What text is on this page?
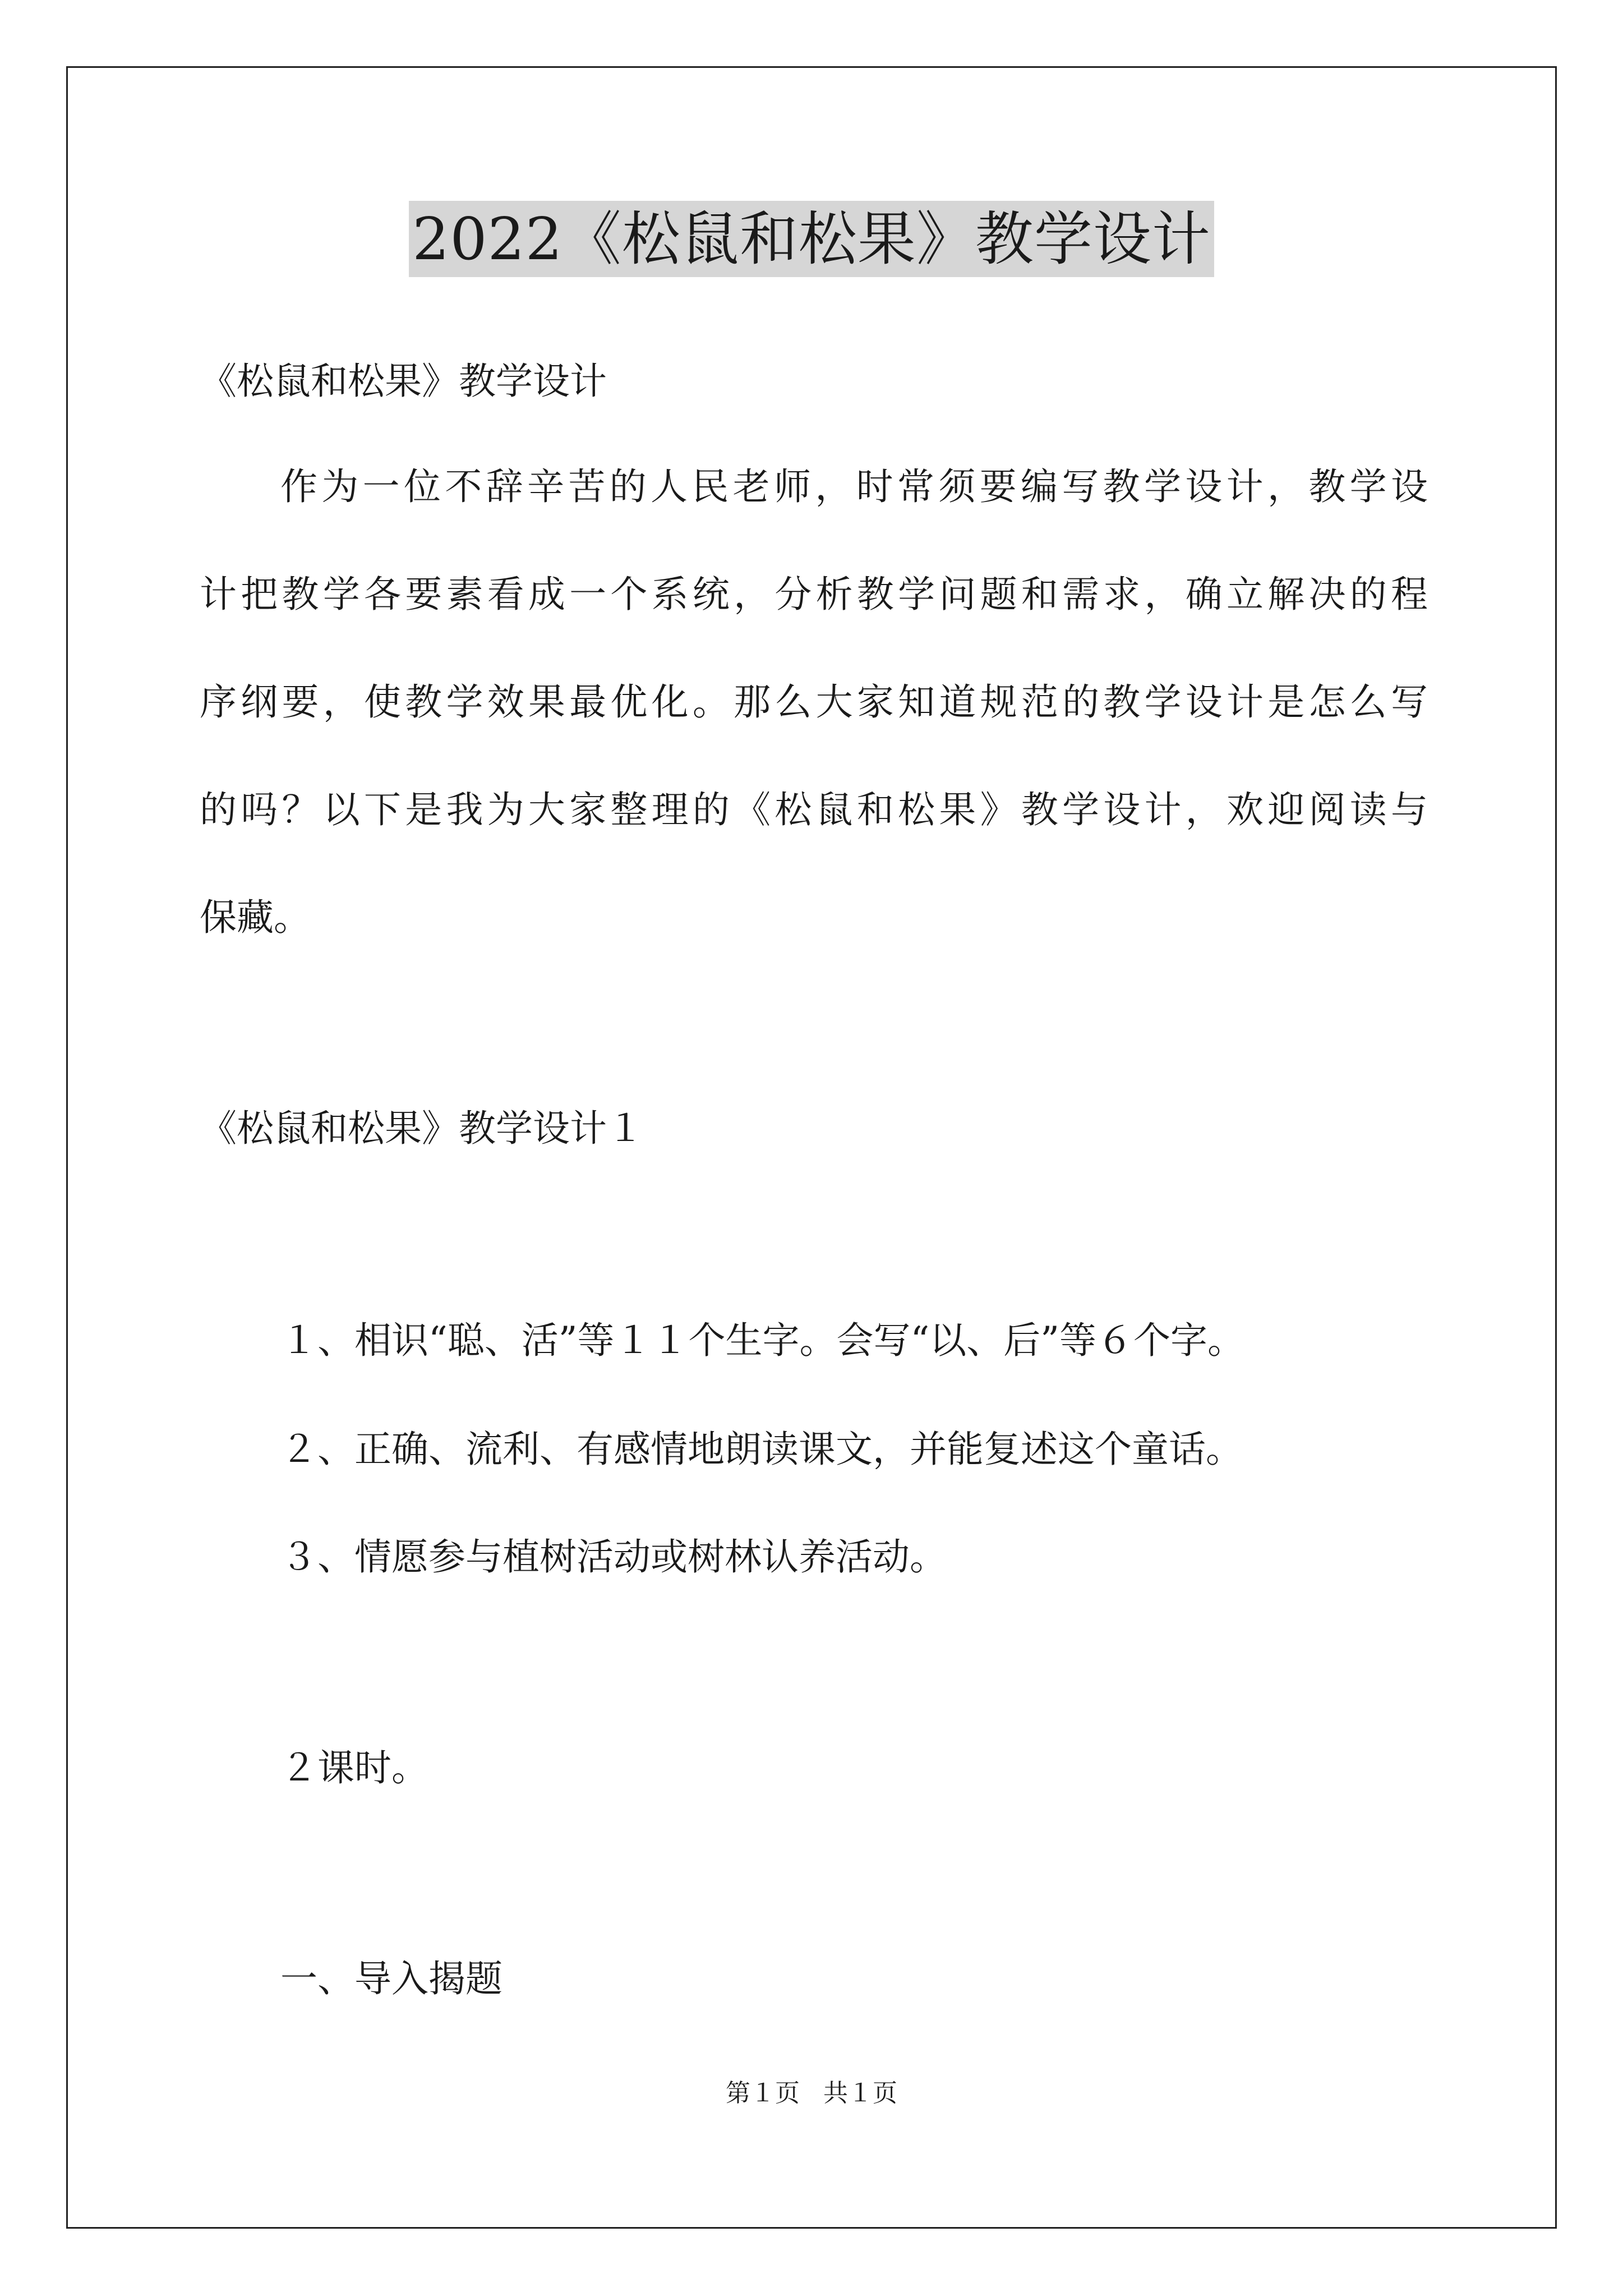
2022《松鼠和松果》教学设计
《松鼠和松果》教学设计
作为一位不辞辛苦的人民老师，时常须要编写教学设计，教学设
计把教学各要素看成一个系统，分析教学问题和需求，确立解决的程
序纲要，使教学效果最优化。那么大家知道规范的教学设计是怎么写
的吗？以下是我为大家整理的《松鼠和松果》教学设计，欢迎阅读与
保藏。
《松鼠和松果》教学设计１
１、相识“聪、活”等１１个生字。会写“以、后”等６个字。
２、正确、流利、有感情地朗读课文，并能复述这个童话。
３、情愿参与植树活动或树林认养活动。
２课时。
一、导入揭题
第１页 共１页
